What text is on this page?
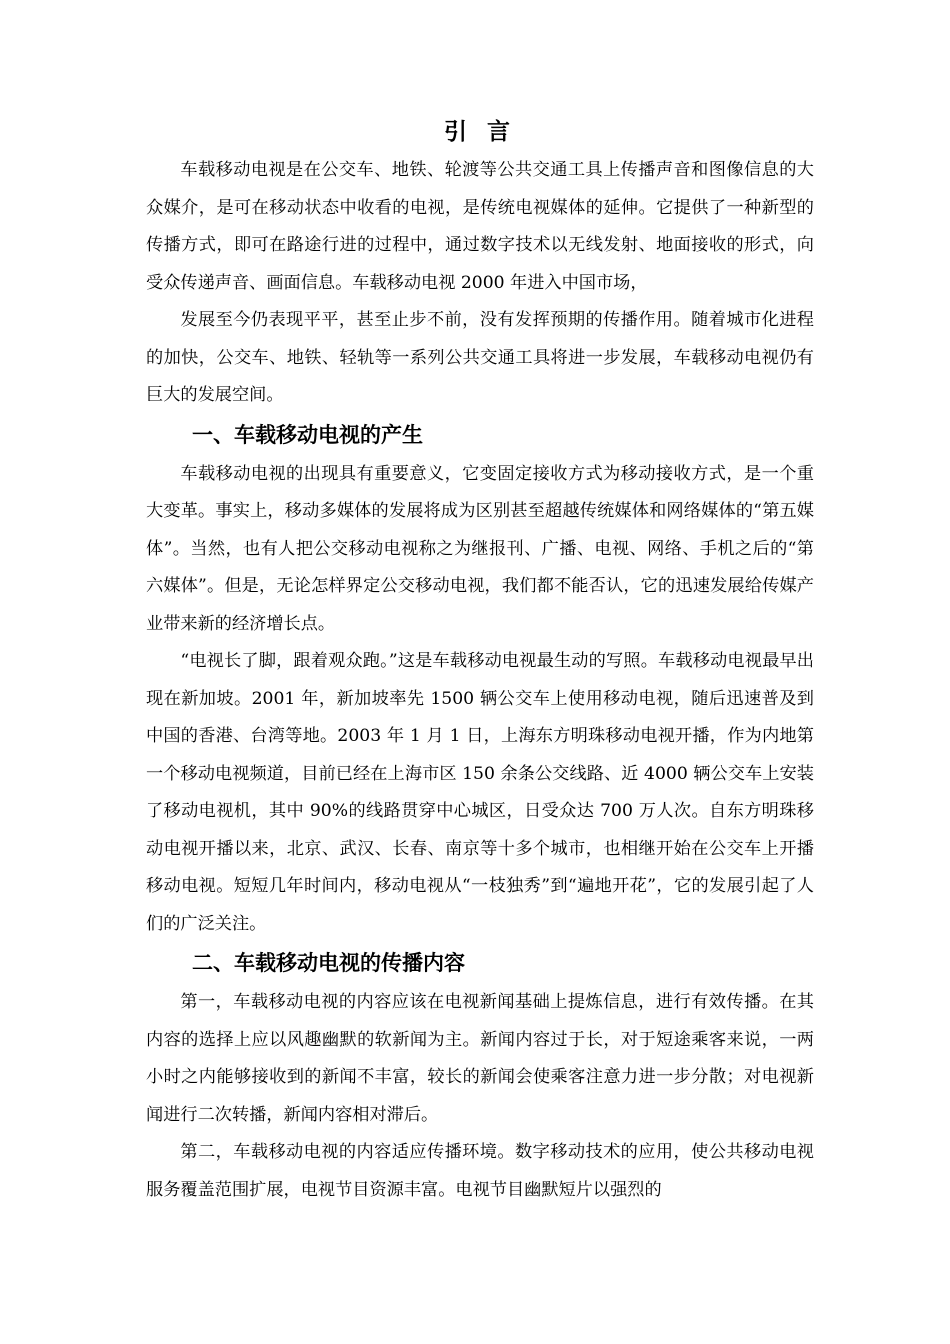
引 言

车载移动电视是在公交车、地铁、轮渡等公共交通工具上传播声音和图像信息的大众媒介，是可在移动状态中收看的电视，是传统电视媒体的延伸。它提供了一种新型的传播方式，即可在路途行进的过程中，通过数字技术以无线发射、地面接收的形式，向受众传递声音、画面信息。车载移动电视 2000 年进入中国市场，

发展至今仍表现平平，甚至止步不前，没有发挥预期的传播作用。随着城市化进程的加快，公交车、地铁、轻轨等一系列公共交通工具将进一步发展，车载移动电视仍有巨大的发展空间。

一、车载移动电视的产生

车载移动电视的出现具有重要意义，它变固定接收方式为移动接收方式，是一个重大变革。事实上，移动多媒体的发展将成为区别甚至超越传统媒体和网络媒体的“第五媒体”。当然，也有人把公交移动电视称之为继报刊、广播、电视、网络、手机之后的“第六媒体”。但是，无论怎样界定公交移动电视，我们都不能否认，它的迅速发展给传媒产业带来新的经济增长点。

“电视长了脚，跟着观众跑。”这是车载移动电视最生动的写照。车载移动电视最早出现在新加坡。2001 年，新加坡率先 1500 辆公交车上使用移动电视，随后迅速普及到中国的香港、台湾等地。2003 年 1 月 1 日，上海东方明珠移动电视开播，作为内地第一个移动电视频道，目前已经在上海市区 150 余条公交线路、近 4000 辆公交车上安装了移动电视机，其中 90%的线路贯穿中心城区，日受众达 700 万人次。自东方明珠移动电视开播以来，北京、武汉、长春、南京等十多个城市，也相继开始在公交车上开播移动电视。短短几年时间内，移动电视从“一枝独秀”到“遍地开花”，它的发展引起了人们的广泛关注。

二、车载移动电视的传播内容

第一，车载移动电视的内容应该在电视新闻基础上提炼信息，进行有效传播。在其内容的选择上应以风趣幽默的软新闻为主。新闻内容过于长，对于短途乘客来说，一两小时之内能够接收到的新闻不丰富，较长的新闻会使乘客注意力进一步分散；对电视新闻进行二次转播，新闻内容相对滞后。

第二，车载移动电视的内容适应传播环境。数字移动技术的应用，使公共移动电视服务覆盖范围扩展，电视节目资源丰富。电视节目幽默短片以强烈的
